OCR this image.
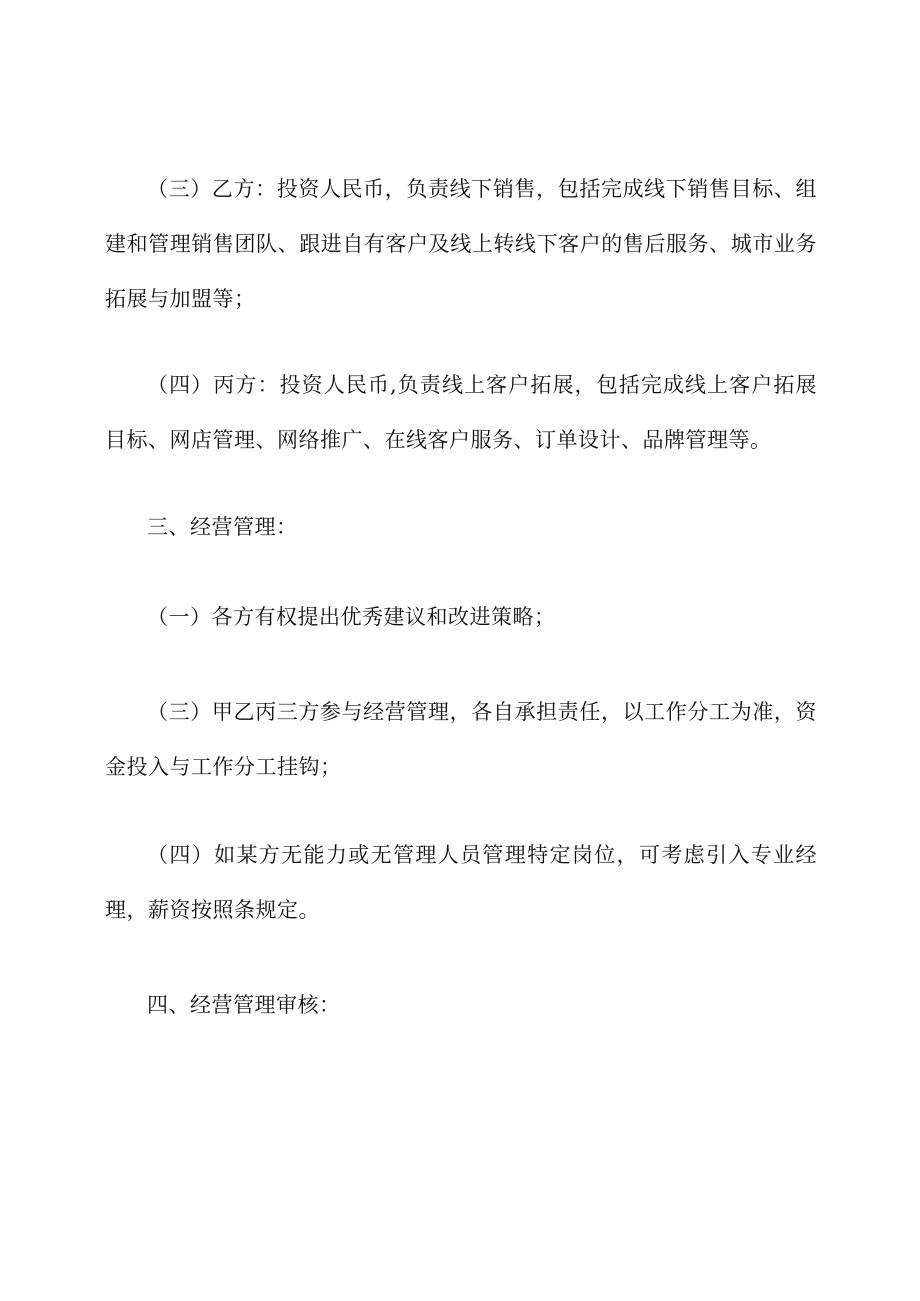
（三）乙方：投资人民币，负责线下销售，包括完成线下销售目标、组建和管理销售团队、跟进自有客户及线上转线下客户的售后服务、城市业务拓展与加盟等；

（四）丙方：投资人民币,负责线上客户拓展，包括完成线上客户拓展目标、网店管理、网络推广、在线客户服务、订单设计、品牌管理等。

三、经营管理：

（一）各方有权提出优秀建议和改进策略；

（三）甲乙丙三方参与经营管理，各自承担责任，以工作分工为准，资金投入与工作分工挂钩；

（四）如某方无能力或无管理人员管理特定岗位，可考虑引入专业经理，薪资按照条规定。

四、经营管理审核：
